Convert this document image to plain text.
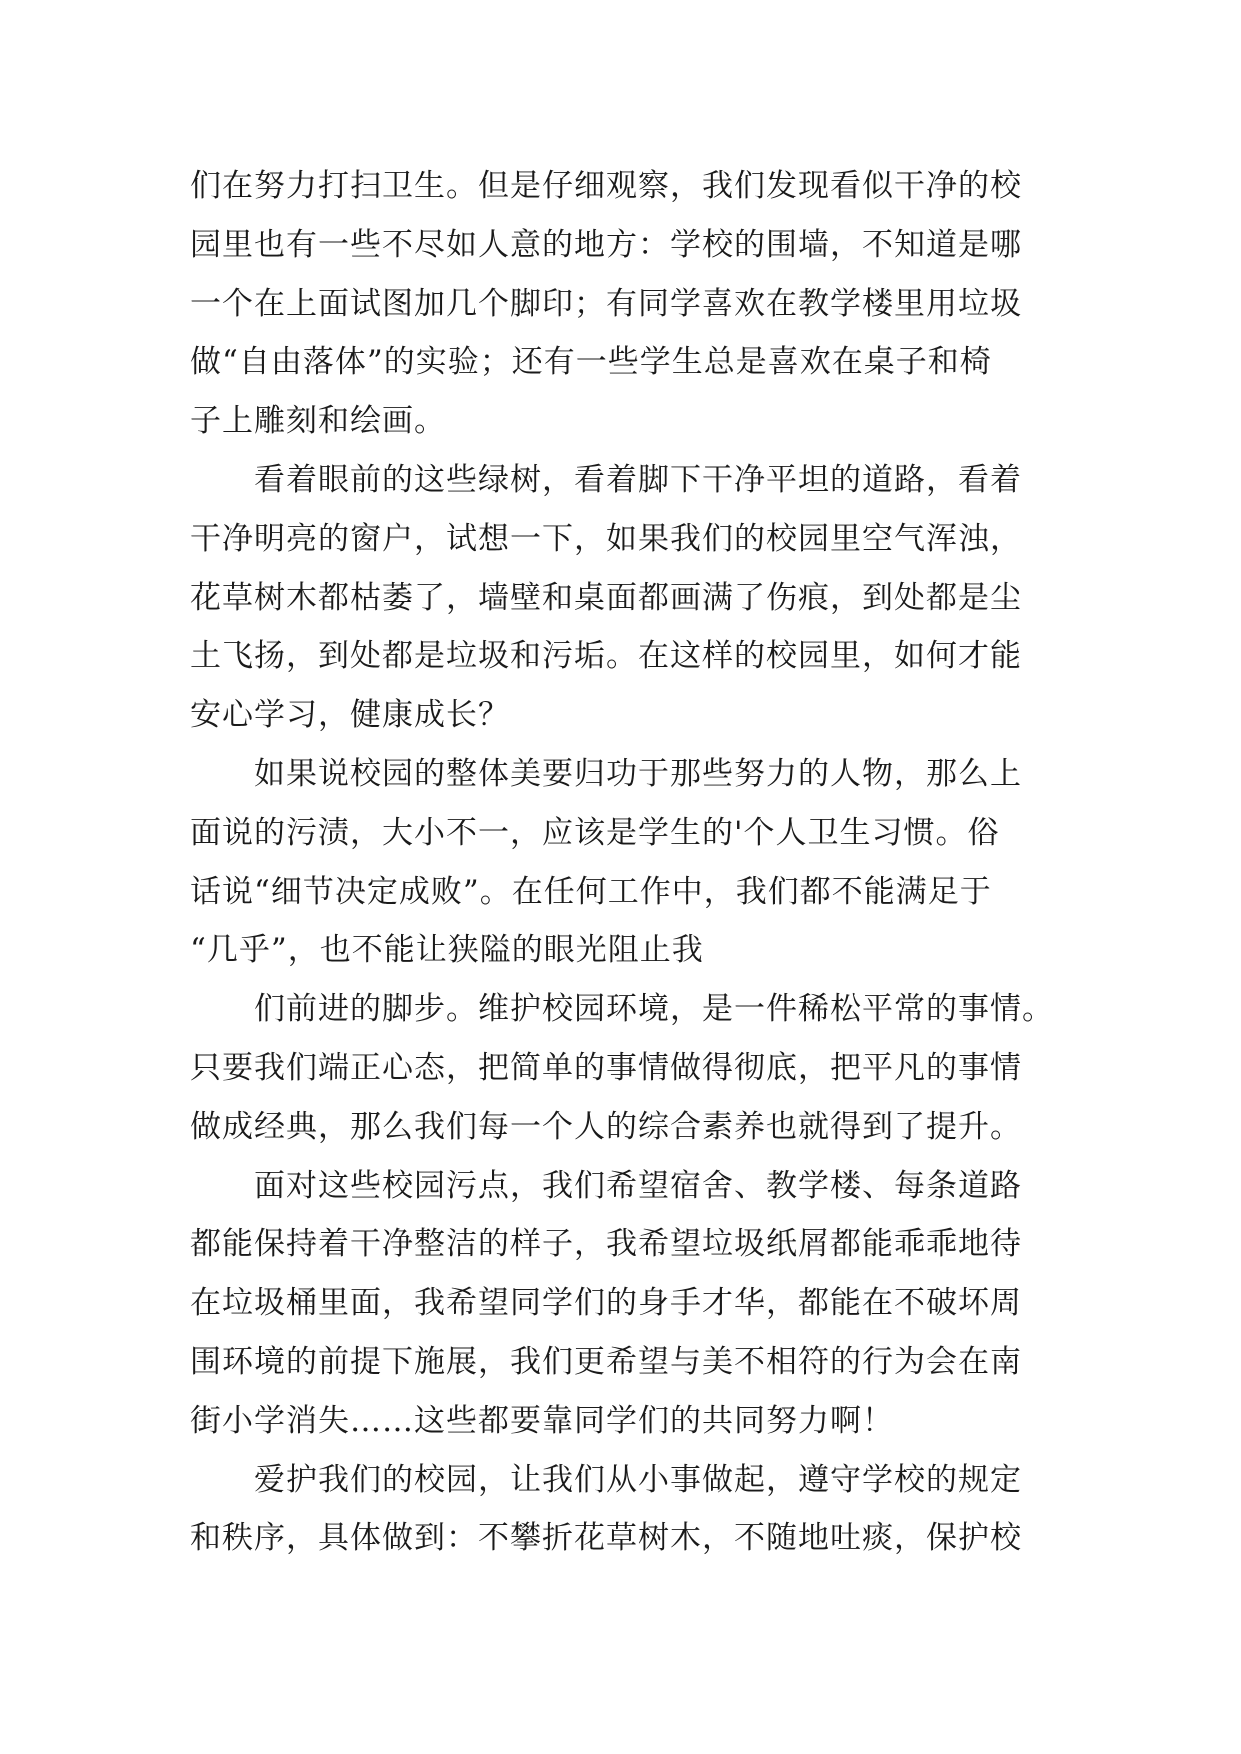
们在努力打扫卫生。但是仔细观察，我们发现看似干净的校
园里也有一些不尽如人意的地方：学校的围墙，不知道是哪
一个在上面试图加几个脚印；有同学喜欢在教学楼里用垃圾
做“自由落体”的实验；还有一些学生总是喜欢在桌子和椅
子上雕刻和绘画。
看着眼前的这些绿树，看着脚下干净平坦的道路，看着
干净明亮的窗户，试想一下，如果我们的校园里空气浑浊，
花草树木都枯萎了，墙壁和桌面都画满了伤痕，到处都是尘
土飞扬，到处都是垃圾和污垢。在这样的校园里，如何才能
安心学习，健康成长？
如果说校园的整体美要归功于那些努力的人物，那么上
面说的污渍，大小不一，应该是学生的'个人卫生习惯。俗
话说“细节决定成败”。在任何工作中，我们都不能满足于
“几乎”，也不能让狭隘的眼光阻止我
们前进的脚步。维护校园环境，是一件稀松平常的事情。
只要我们端正心态，把简单的事情做得彻底，把平凡的事情
做成经典，那么我们每一个人的综合素养也就得到了提升。
面对这些校园污点，我们希望宿舍、教学楼、每条道路
都能保持着干净整洁的样子，我希望垃圾纸屑都能乖乖地待
在垃圾桶里面，我希望同学们的身手才华，都能在不破坏周
围环境的前提下施展，我们更希望与美不相符的行为会在南
街小学消失……这些都要靠同学们的共同努力啊！
爱护我们的校园，让我们从小事做起，遵守学校的规定
和秩序，具体做到：不攀折花草树木，不随地吐痰，保护校
